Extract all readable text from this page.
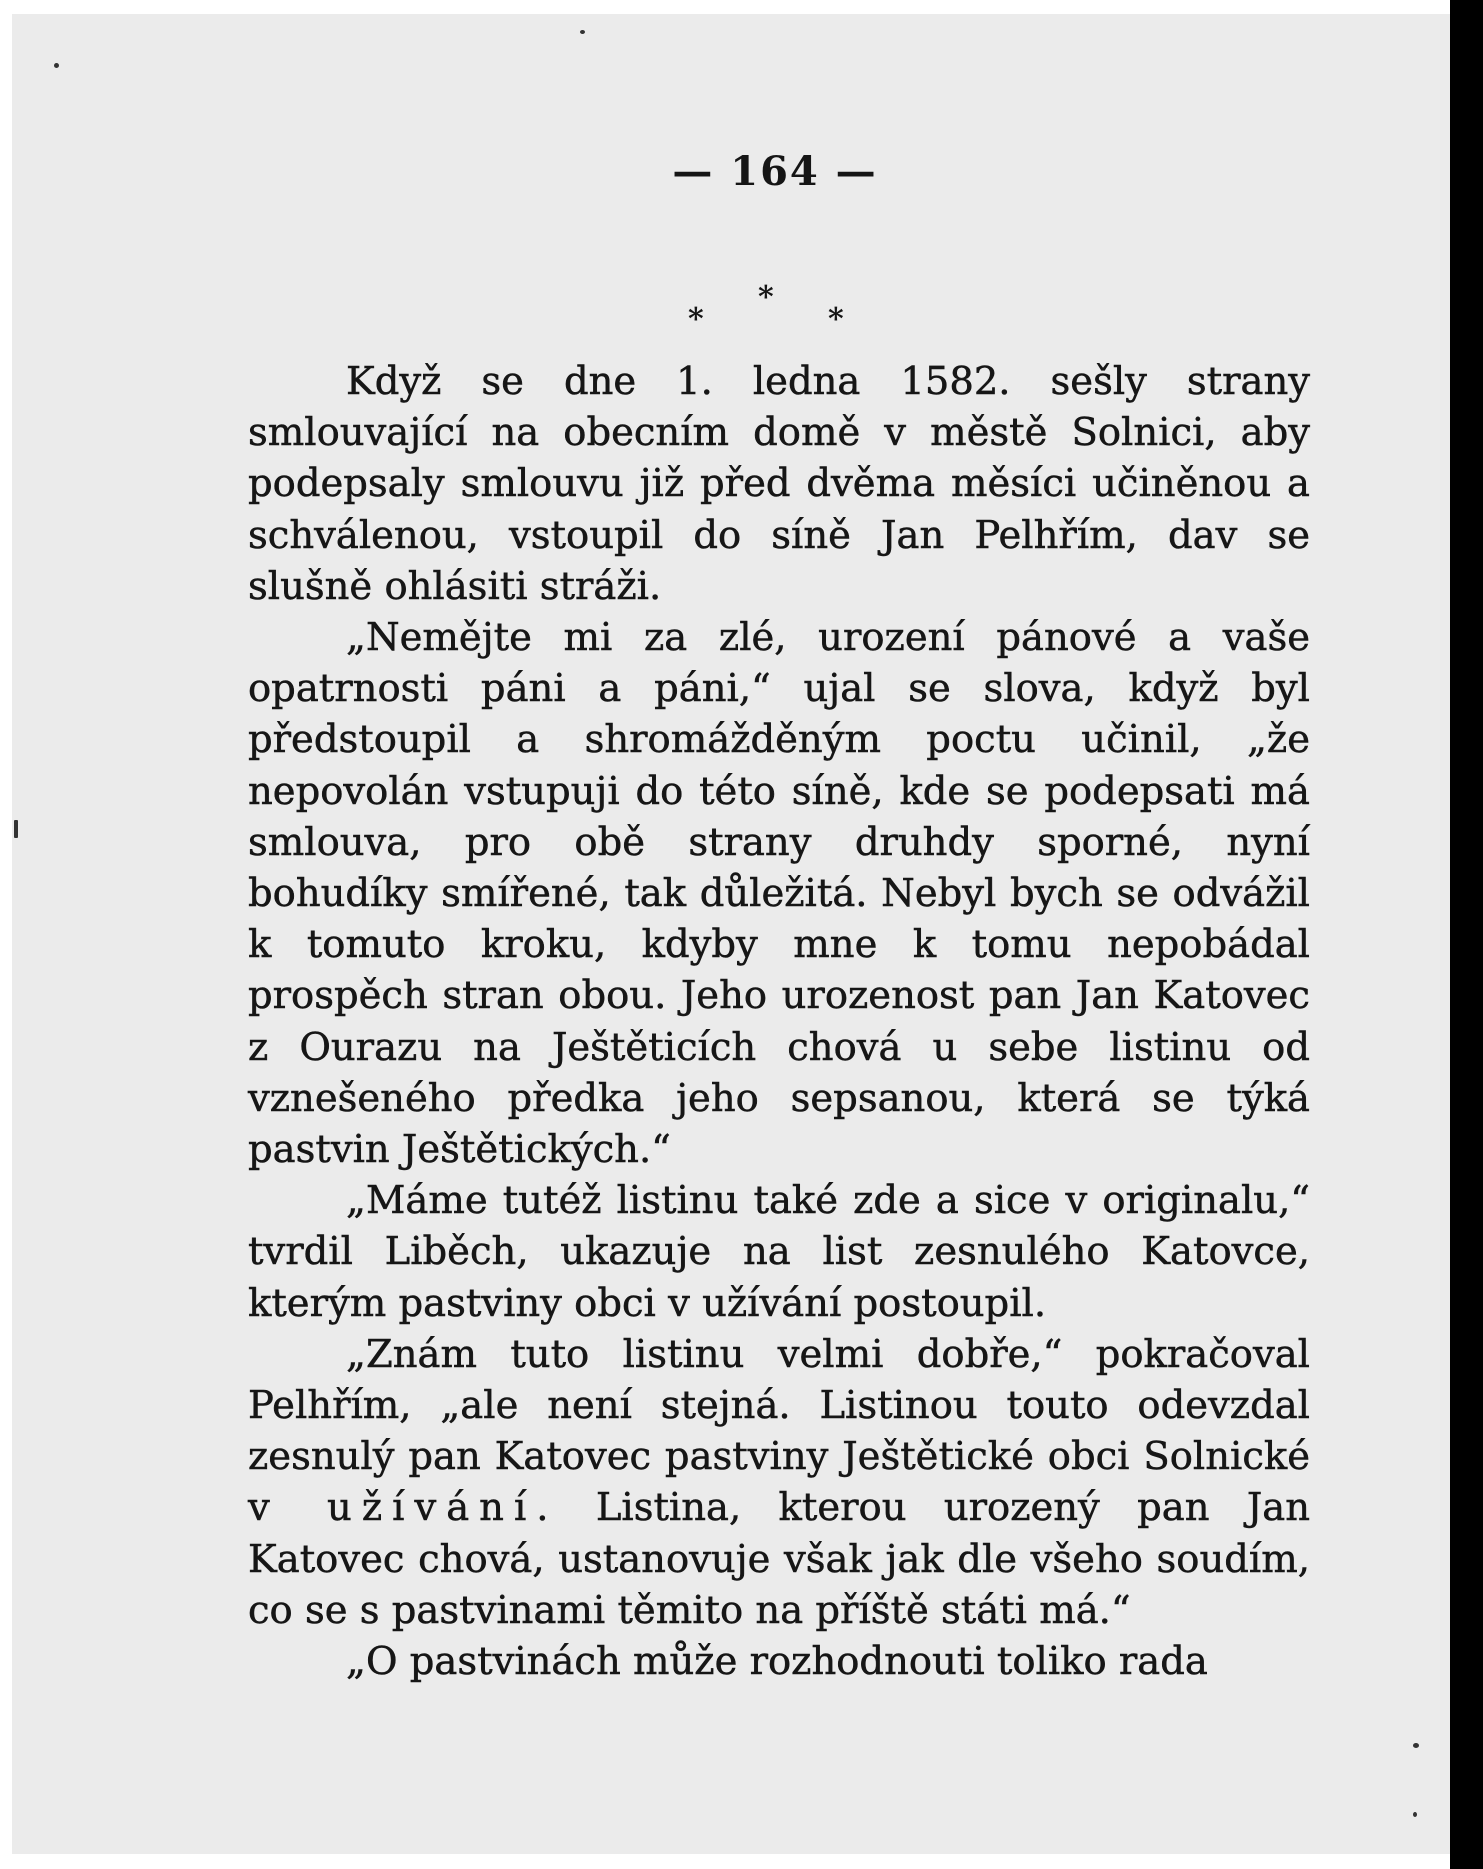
— 164 —
*
*
*

Když se dne 1. ledna 1582. sešly strany smlouvající na obecním domě v městě Solnici, aby podepsaly smlouvu již před dvěma měsíci učiněnou a schválenou, vstoupil do síně Jan Pelhřím, dav se slušně ohlásiti stráži.

„Nemějte mi za zlé, urození pánové a vaše opatrnosti páni a páni,“ ujal se slova, když byl předstoupil a shromážděným poctu učinil, „že nepovolán vstupuji do této síně, kde se podepsati má smlouva, pro obě strany druhdy sporné, nyní bohudíky smířené, tak důležitá. Nebyl bych se odvážil k tomuto kroku, kdyby mne k tomu nepobádal prospěch stran obou. Jeho urozenost pan Jan Katovec z Ourazu na Ještěticích chová u sebe listinu od vznešeného předka jeho sepsanou, která se týká pastvin Ještětických.“

„Máme tutéž listinu také zde a sice v originalu,“ tvrdil Liběch, ukazuje na list zesnulého Katovce, kterým pastviny obci v užívání postoupil.

„Znám tuto listinu velmi dobře,“ pokračoval Pelhřím, „ale není stejná. Listinou touto odevzdal zesnulý pan Katovec pastviny Ještětické obci Solnické v užívání. Listina, kterou urozený pan Jan Katovec chová, ustanovuje však jak dle všeho soudím, co se s pastvinami těmito na příště státi má.“

„O pastvinách může rozhodnouti toliko rada
